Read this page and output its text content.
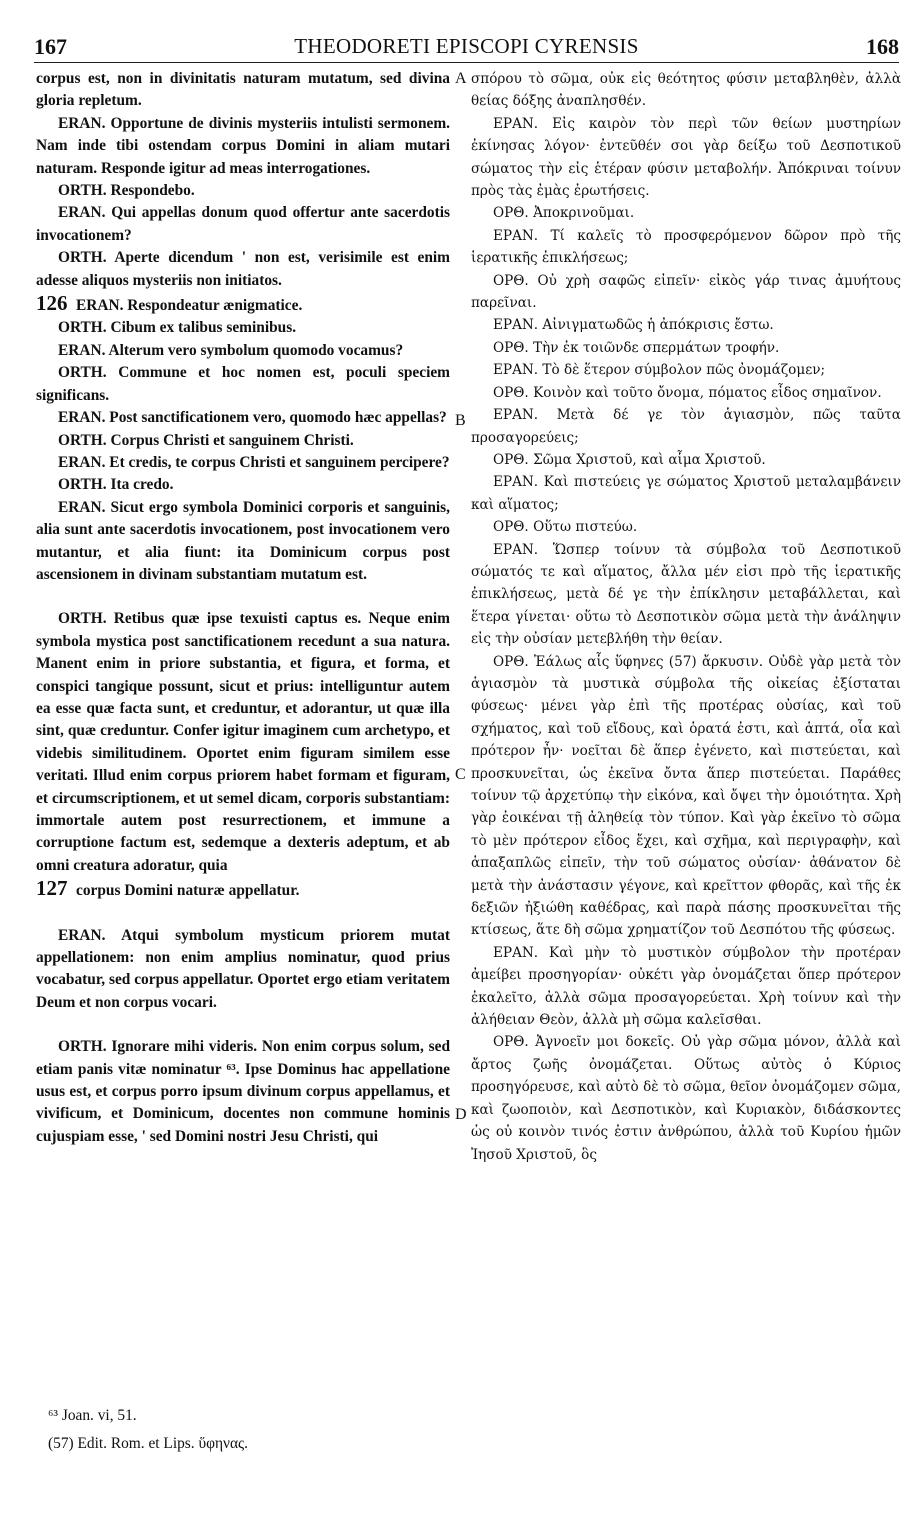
167	THEODORETI EPISCOPI CYRENSIS	168

corpus est, non in divinitatis naturam mutatum, sed divina gloria repletum.

ERAN. Opportune de divinis mysteriis intulisti sermonem. Nam inde tibi ostendam corpus Domini in aliam mutari naturam. Responde igitur ad meas interrogationes.

ORTH. Respondebo.

ERAN. Qui appellas donum quod offertur ante sacerdotis invocationem?

ORTH. Aperte dicendum ' non est, verisimile est enim adesse aliquos mysteriis non initiatos.

126 ERAN. Respondeatur ænigmatice.

ORTH. Cibum ex talibus seminibus.

ERAN. Alterum vero symbolum quomodo vocamus?

ORTH. Commune et hoc nomen est, poculi speciem significans.

ERAN. Post sanctificationem vero, quomodo hæc appellas?

ORTH. Corpus Christi et sanguinem Christi.

ERAN. Et credis, te corpus Christi et sanguinem percipere?

ORTH. Ita credo.

ERAN. Sicut ergo symbola Dominici corporis et sanguinis, alia sunt ante sacerdotis invocationem, post invocationem vero mutantur, et alia fiunt: ita Dominicum corpus post ascensionem in divinam substantiam mutatum est.

ORTH. Retibus quæ ipse texuisti captus es. Neque enim symbola mystica post sanctificationem recedunt a sua natura. Manent enim in priore substantia, et figura, et forma, et conspici tangique possunt, sicut et prius: intelliguntur autem ea esse quæ facta sunt, et creduntur, et adorantur, ut quæ illa sint, quæ creduntur. Confer igitur imaginem cum archetypo, et videbis similitudinem. Oportet enim figuram similem esse veritati. Illud enim corpus priorem habet formam et figuram, et circumscriptionem, et ut semel dicam, corporis substantiam: immortale autem post resurrectionem, et immune a corruptione factum est, sedemque a dexteris adeptum, et ab omni creatura adoratur, quia

127 corpus Domini naturæ appellatur.

ERAN. Atqui symbolum mysticum priorem mutat appellationem: non enim amplius nominatur, quod prius vocabatur, sed corpus appellatur. Oportet ergo etiam veritatem Deum et non corpus vocari.

ORTH. Ignorare mihi videris. Non enim corpus solum, sed etiam panis vitæ nominatur ⁶³. Ipse Dominus hac appellatione usus est, et corpus porro ipsum divinum corpus appellamus, et vivificum, et Dominicum, docentes non commune hominis cujuspiam esse, ' sed Domini nostri Jesu Christi, qui

A
B
C
D

σπόρου τὸ σῶμα, οὐκ εἰς θεότητος φύσιν μεταβληθὲν, ἀλλὰ θείας δόξης ἀναπλησθέν.

ΕΡΑΝ. Εἰς καιρὸν τὸν περὶ τῶν θείων μυστηρίων ἐκίνησας λόγον· ἐντεῦθέν σοι γὰρ δείξω τοῦ Δεσποτικοῦ σώματος τὴν εἰς ἑτέραν φύσιν μεταβολήν. Ἀπόκριναι τοίνυν πρὸς τὰς ἐμὰς ἐρωτήσεις.

ΟΡΘ. Ἀποκρινοῦμαι.

ΕΡΑΝ. Τί καλεῖς τὸ προσφερόμενον δῶρον πρὸ τῆς ἱερατικῆς ἐπικλήσεως;

ΟΡΘ. Οὐ χρὴ σαφῶς εἰπεῖν· εἰκὸς γάρ τινας ἀμυήτους παρεῖναι.

ΕΡΑΝ. Αἰνιγματωδῶς ἡ ἀπόκρισις ἔστω.

ΟΡΘ. Τὴν ἐκ τοιῶνδε σπερμάτων τροφήν.

ΕΡΑΝ. Τὸ δὲ ἕτερον σύμβολον πῶς ὀνομάζομεν;

ΟΡΘ. Κοινὸν καὶ τοῦτο ὄνομα, πόματος εἶδος σημαῖνον.

ΕΡΑΝ. Μετὰ δέ γε τὸν ἁγιασμὸν, πῶς ταῦτα προσαγορεύεις;

ΟΡΘ. Σῶμα Χριστοῦ, καὶ αἷμα Χριστοῦ.

ΕΡΑΝ. Καὶ πιστεύεις γε σώματος Χριστοῦ μεταλαμβάνειν καὶ αἵματος;

ΟΡΘ. Οὕτω πιστεύω.

ΕΡΑΝ. Ὥσπερ τοίνυν τὰ σύμβολα τοῦ Δεσποτικοῦ σώματός τε καὶ αἵματος, ἄλλα μέν εἰσι πρὸ τῆς ἱερατικῆς ἐπικλήσεως, μετὰ δέ γε τὴν ἐπίκλησιν μεταβάλλεται, καὶ ἕτερα γίνεται· οὕτω τὸ Δεσποτικὸν σῶμα μετὰ τὴν ἀνάληψιν εἰς τὴν οὐσίαν μετεβλήθη τὴν θείαν.

ΟΡΘ. Ἑάλως αἷς ὕφηνες (57) ἄρκυσιν. Οὐδὲ γὰρ μετὰ τὸν ἁγιασμὸν τὰ μυστικὰ σύμβολα τῆς οἰκείας ἐξίσταται φύσεως· μένει γὰρ ἐπὶ τῆς προτέρας οὐσίας, καὶ τοῦ σχήματος, καὶ τοῦ εἴδους, καὶ ὁρατά ἐστι, καὶ ἁπτά, οἷα καὶ πρότερον ἦν· νοεῖται δὲ ἅπερ ἐγένετο, καὶ πιστεύεται, καὶ προσκυνεῖται, ὡς ἐκεῖνα ὄντα ἅπερ πιστεύεται. Παράθες τοίνυν τῷ ἀρχετύπῳ τὴν εἰκόνα, καὶ ὄψει τὴν ὁμοιότητα. Χρὴ γὰρ ἐοικέναι τῇ ἀληθείᾳ τὸν τύπον. Καὶ γὰρ ἐκεῖνο τὸ σῶμα τὸ μὲν πρότερον εἶδος ἔχει, καὶ σχῆμα, καὶ περιγραφὴν, καὶ ἁπαξαπλῶς εἰπεῖν, τὴν τοῦ σώματος οὐσίαν· ἀθάνατον δὲ μετὰ τὴν ἀνάστασιν γέγονε, καὶ κρεῖττον φθορᾶς, καὶ τῆς ἐκ δεξιῶν ἠξιώθη καθέδρας, καὶ παρὰ πάσης προσκυνεῖται τῆς κτίσεως, ἅτε δὴ σῶμα χρηματίζον τοῦ Δεσπότου τῆς φύσεως.

ΕΡΑΝ. Καὶ μὴν τὸ μυστικὸν σύμβολον τὴν προτέραν ἀμείβει προσηγορίαν· οὐκέτι γὰρ ὀνομάζεται ὅπερ πρότερον ἐκαλεῖτο, ἀλλὰ σῶμα προσαγορεύεται. Χρὴ τοίνυν καὶ τὴν ἀλήθειαν Θεὸν, ἀλλὰ μὴ σῶμα καλεῖσθαι.

ΟΡΘ. Ἀγνοεῖν μοι δοκεῖς. Οὐ γὰρ σῶμα μόνον, ἀλλὰ καὶ ἄρτος ζωῆς ὀνομάζεται. Οὕτως αὐτὸς ὁ Κύριος προσηγόρευσε, καὶ αὐτὸ δὲ τὸ σῶμα, θεῖον ὀνομάζομεν σῶμα, καὶ ζωοποιὸν, καὶ Δεσποτικὸν, καὶ Κυριακὸν, διδάσκοντες ὡς οὐ κοινὸν τινός ἐστιν ἀνθρώπου, ἀλλὰ τοῦ Κυρίου ἡμῶν Ἰησοῦ Χριστοῦ, ὃς

⁶³ Joan. vi, 51.
(57) Edit. Rom. et Lips. ὕφηνας.
